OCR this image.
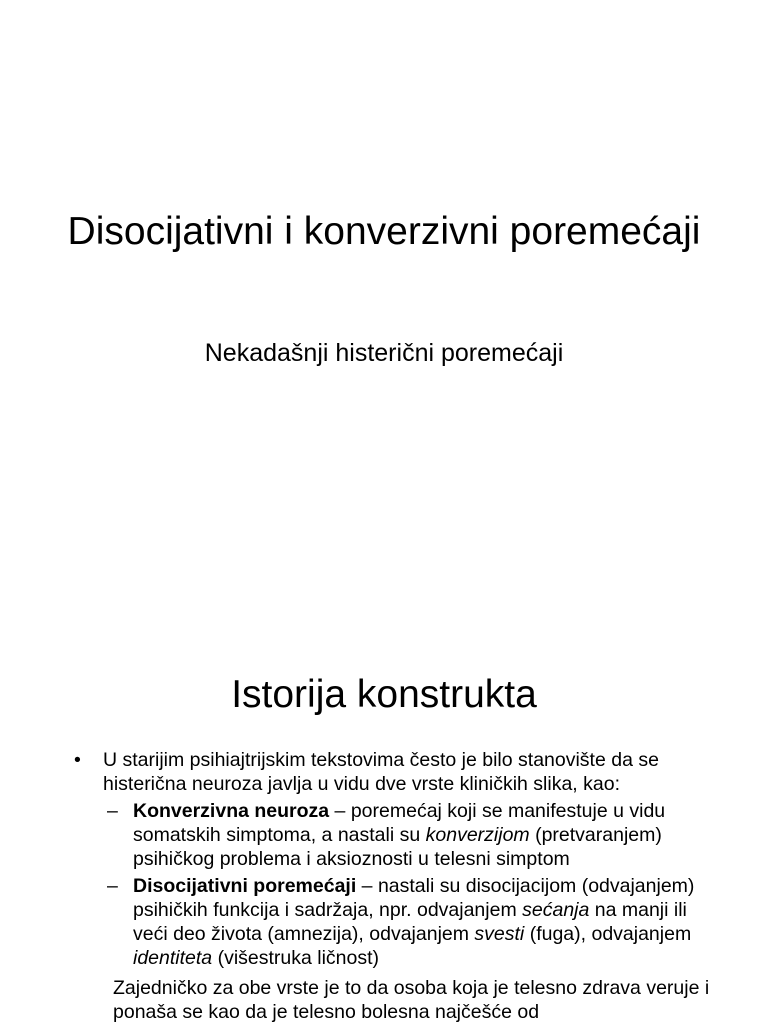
Disocijativni i konverzivni poremećaji

Nekadašnji histerični poremećaji

Istorija konstrukta
• U starijim psihiajtrijskim tekstovima često je bilo stanovište da se histerična neuroza javlja u vidu dve vrste kliničkih slika, kao:
– Konverzivna neuroza – poremećaj koji se manifestuje u vidu somatskih simptoma, a nastali su konverzijom (pretvaranjem) psihičkog problema i aksioznosti u telesni simptom
– Disocijativni poremećaji – nastali su disocijacijom (odvajanjem) psihičkih funkcija i sadržaja, npr. odvajanjem sećanja na manji ili veći deo života (amnezija), odvajanjem svesti (fuga), odvajanjem identiteta (višestruka ličnost)
Zajedničko za obe vrste je to da osoba koja je telesno zdrava veruje i ponaša se kao da je telesno bolesna najčešće od
